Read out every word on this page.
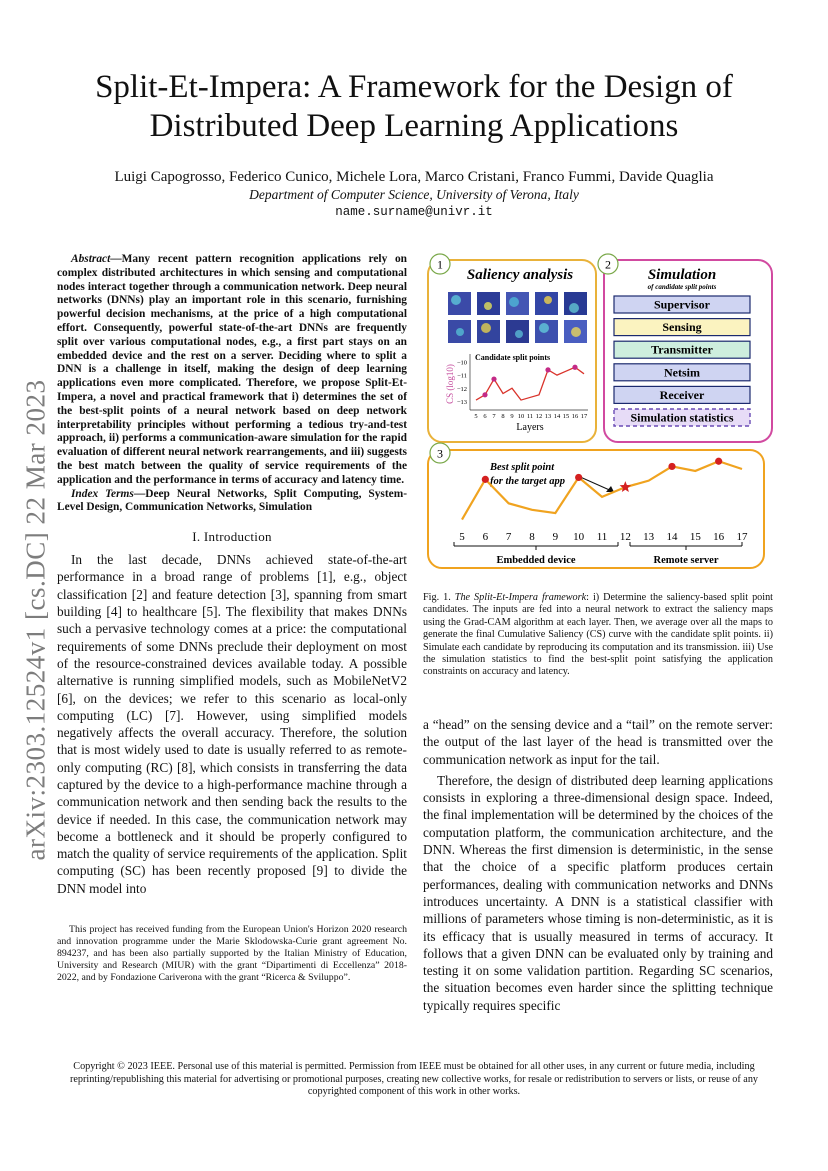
arXiv:2303.12524v1 [cs.DC] 22 Mar 2023
Split-Et-Impera: A Framework for the Design of Distributed Deep Learning Applications
Luigi Capogrosso, Federico Cunico, Michele Lora, Marco Cristani, Franco Fummi, Davide Quaglia
Department of Computer Science, University of Verona, Italy
name.surname@univr.it

Abstract—Many recent pattern recognition applications rely on complex distributed architectures in which sensing and computational nodes interact together through a communication network. Deep neural networks (DNNs) play an important role in this scenario, furnishing powerful decision mechanisms, at the price of a high computational effort. Consequently, powerful state-of-the-art DNNs are frequently split over various computational nodes, e.g., a first part stays on an embedded device and the rest on a server. Deciding where to split a DNN is a challenge in itself, making the design of deep learning applications even more complicated. Therefore, we propose Split-Et-Impera, a novel and practical framework that i) determines the set of the best-split points of a neural network based on deep network interpretability principles without performing a tedious try-and-test approach, ii) performs a communication-aware simulation for the rapid evaluation of different neural network rearrangements, and iii) suggests the best match between the quality of service requirements of the application and the performance in terms of accuracy and latency time.

Index Terms—Deep Neural Networks, Split Computing, System-Level Design, Communication Networks, Simulation

I. Introduction

In the last decade, DNNs achieved state-of-the-art performance in a broad range of problems [1], e.g., object classification [2] and feature detection [3], spanning from smart building [4] to healthcare [5]. The flexibility that makes DNNs such a pervasive technology comes at a price: the computational requirements of some DNNs preclude their deployment on most of the resource-constrained devices available today. A possible alternative is running simplified models, such as MobileNetV2 [6], on the devices; we refer to this scenario as local-only computing (LC) [7]. However, using simplified models negatively affects the overall accuracy. Therefore, the solution that is most widely used to date is usually referred to as remote-only computing (RC) [8], which consists in transferring the data captured by the device to a high-performance machine through a communication network and then sending back the results to the device if needed. In this case, the communication network may become a bottleneck and it should be properly configured to match the quality of service requirements of the application. Split computing (SC) has been recently proposed [9] to divide the DNN model into

This project has received funding from the European Union's Horizon 2020 research and innovation programme under the Marie Sklodowska-Curie grant agreement No. 894237, and has been also partially supported by the Italian Ministry of Education, University and Research (MIUR) with the grant “Dipartimenti di Eccellenza” 2018-2022, and by Fondazione Cariverona with the grant “Ricerca & Sviluppo”.
1
Saliency analysis
Candidate split points
−10
−11
−12
−13
5 6 7 8 9 10 11 12 13 14 15 16 17
CS (log10)
Layers
2
Simulation
of candidate split points
Supervisor
Sensing
Transmitter
Netsim
Receiver
Simulation statistics
3
Best split point
for the target app
5 6 7 8 9 10 11 12 13 14 15 16 17
Embedded device	Remote server
Fig. 1. The Split-Et-Impera framework: i) Determine the saliency-based split point candidates. The inputs are fed into a neural network to extract the saliency maps using the Grad-CAM algorithm at each layer. Then, we average over all the maps to generate the final Cumulative Saliency (CS) curve with the candidate split points. ii) Simulate each candidate by reproducing its computation and its transmission. iii) Use the simulation statistics to find the best-split point satisfying the application constraints on accuracy and latency.

a “head” on the sensing device and a “tail” on the remote server: the output of the last layer of the head is transmitted over the communication network as input for the tail.

Therefore, the design of distributed deep learning applications consists in exploring a three-dimensional design space. Indeed, the final implementation will be determined by the choices of the computation platform, the communication architecture, and the DNN. Whereas the first dimension is deterministic, in the sense that the choice of a specific platform produces certain performances, dealing with communication networks and DNNs introduces uncertainty. A DNN is a statistical classifier with millions of parameters whose timing is non-deterministic, as it is its efficacy that is usually measured in terms of accuracy. It follows that a given DNN can be evaluated only by training and testing it on some validation partition. Regarding SC scenarios, the situation becomes even harder since the splitting technique typically requires specific

Copyright © 2023 IEEE. Personal use of this material is permitted. Permission from IEEE must be obtained for all other uses, in any current or future media, including reprinting/republishing this material for advertising or promotional purposes, creating new collective works, for resale or redistribution to servers or lists, or reuse of any copyrighted component of this work in other works.
